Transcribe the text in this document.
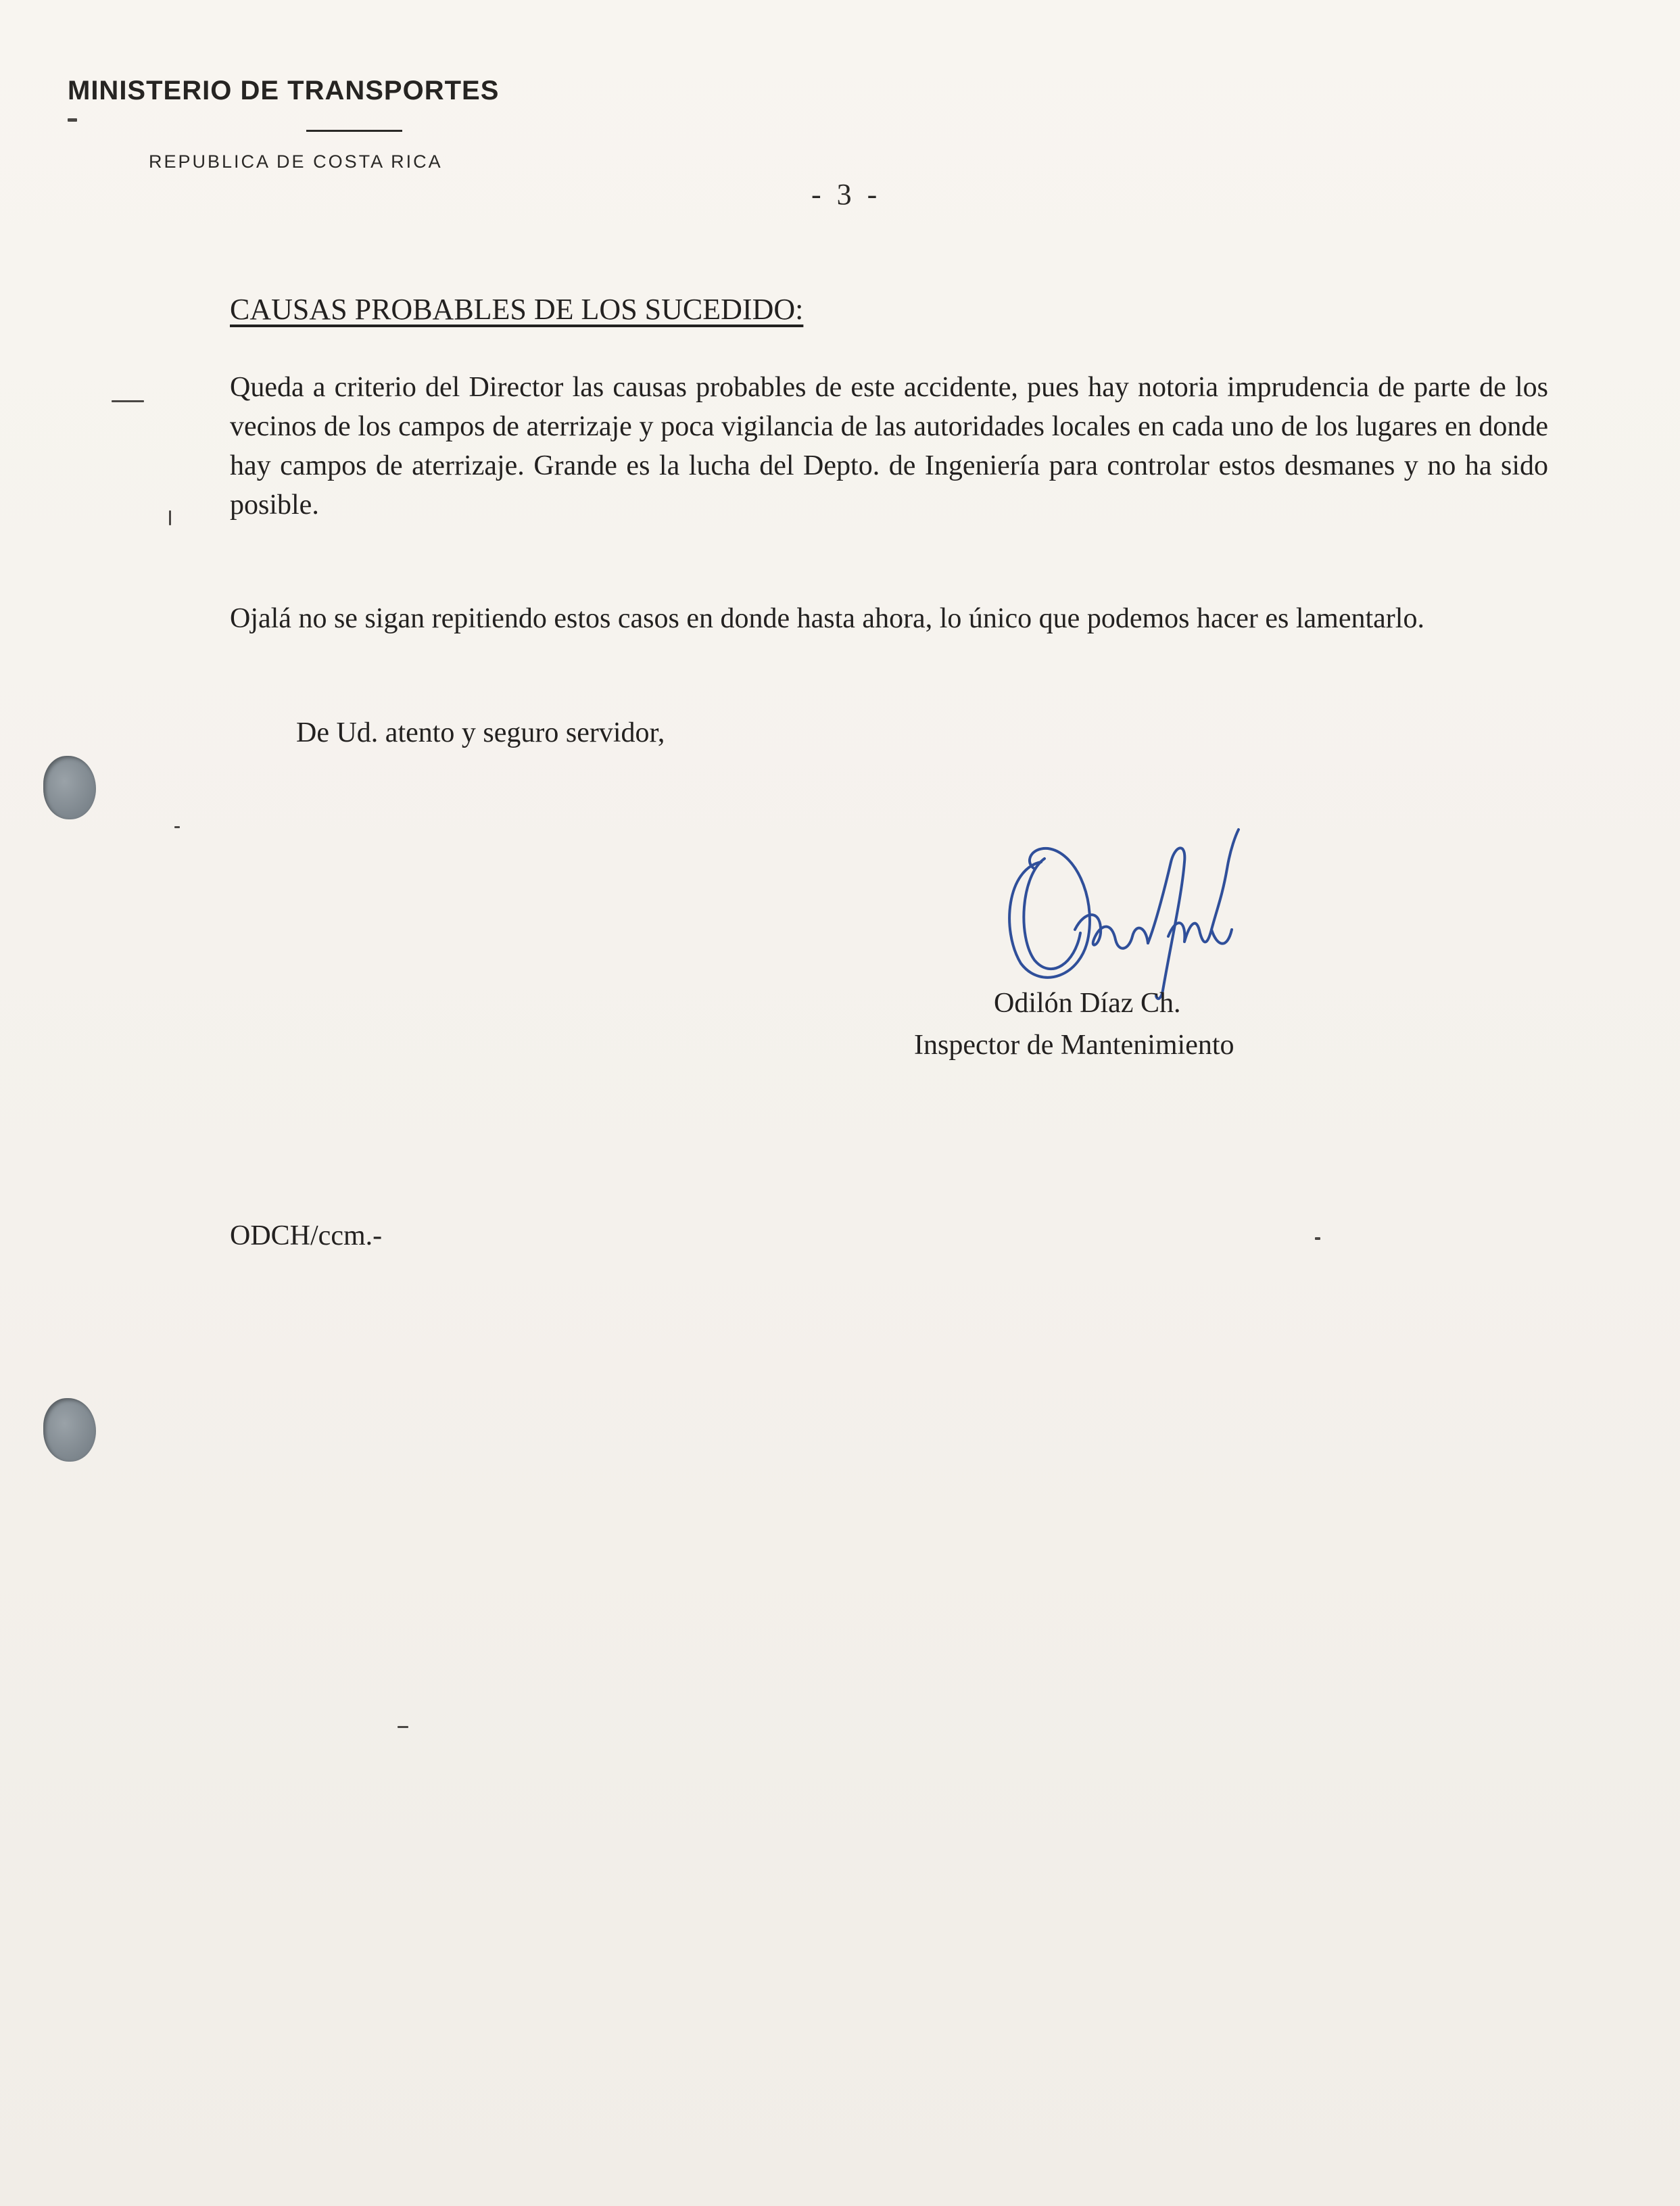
MINISTERIO DE TRANSPORTES
REPUBLICA DE COSTA RICA
- 3 -
CAUSAS PROBABLES DE LOS SUCEDIDO:

Queda a criterio del Director las causas probables de este accidente, pues hay notoria imprudencia de parte de los vecinos de los campos de aterrizaje y poca vigilancia de las autoridades locales en cada uno de los lugares en donde hay campos de aterrizaje. Grande es la lucha del Depto. de Ingeniería para controlar estos desmanes y no ha sido posible.

Ojalá no se sigan repitiendo estos casos en donde hasta ahora, lo único que podemos hacer es lamentarlo.

De Ud. atento y seguro servidor,
Odilón Díaz Ch.
Inspector de Mantenimiento
ODCH/ccm.-
